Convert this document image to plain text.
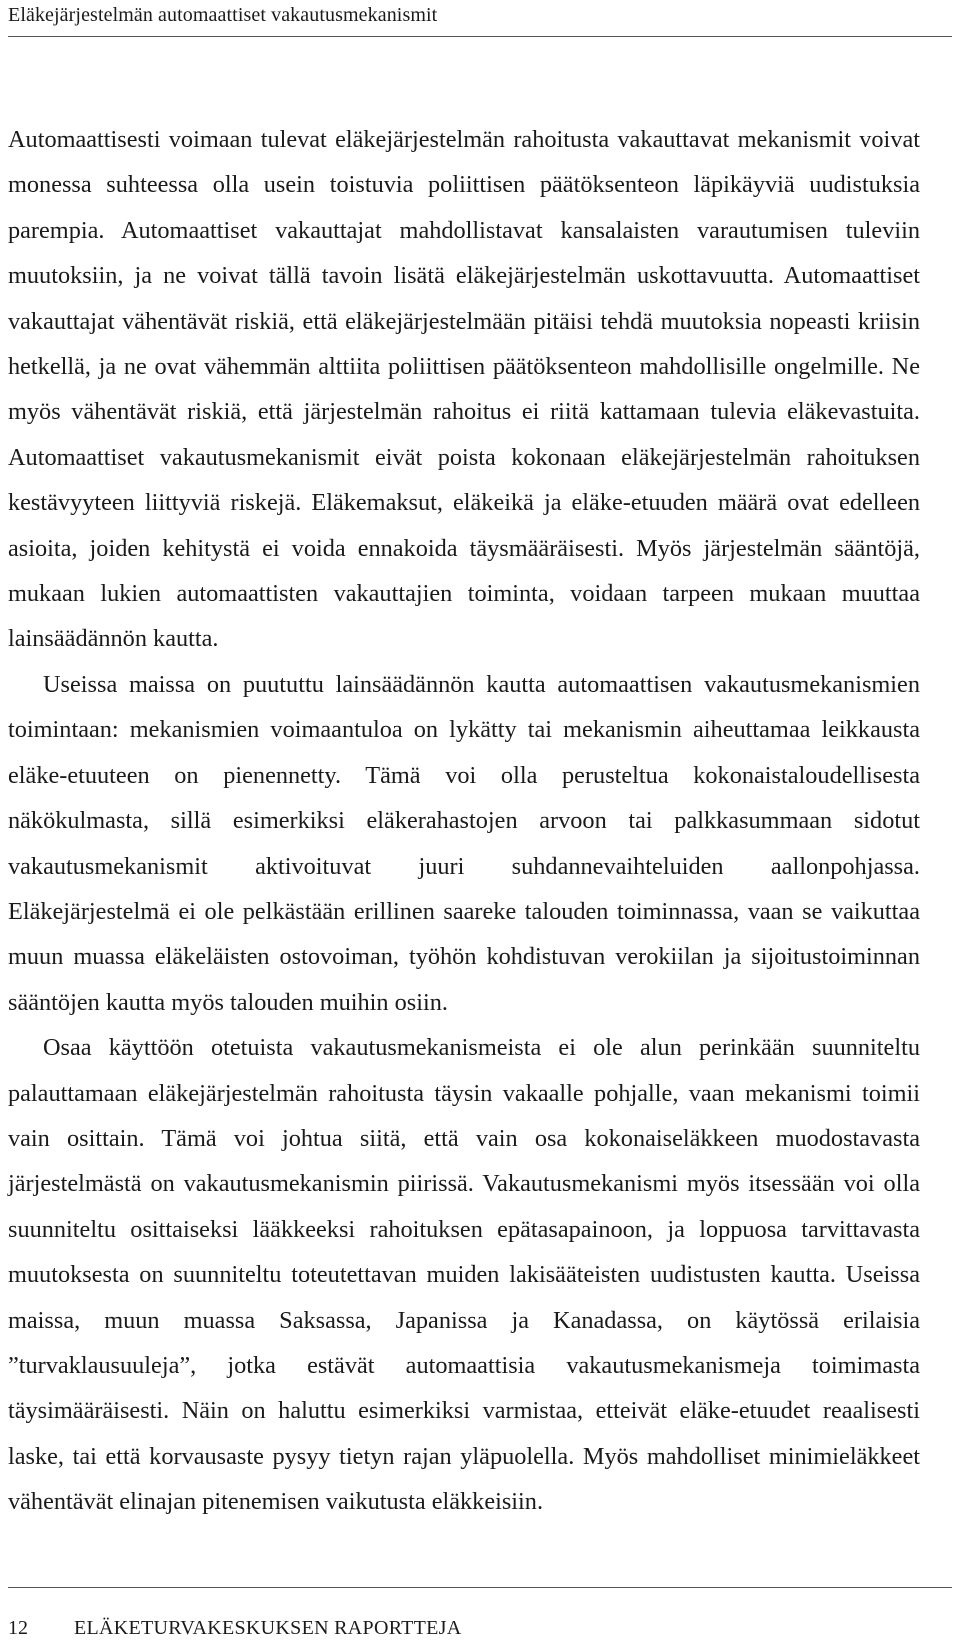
Eläkejärjestelmän automaattiset vakautusmekanismit

Automaattisesti voimaan tulevat eläkejärjestelmän rahoitusta vakauttavat mekanismit voivat monessa suhteessa olla usein toistuvia poliittisen päätöksenteon läpikäyviä uudistuksia parempia. Automaattiset vakauttajat mahdollistavat kansalaisten varautumisen tuleviin muutoksiin, ja ne voivat tällä tavoin lisätä eläkejärjestelmän uskottavuutta. Automaattiset vakauttajat vähentävät riskiä, että eläkejärjestelmään pitäisi tehdä muutoksia nopeasti kriisin hetkellä, ja ne ovat vähemmän alttiita poliittisen päätöksenteon mahdollisille ongelmille. Ne myös vähentävät riskiä, että järjestelmän rahoitus ei riitä kattamaan tulevia eläkevastuita. Automaattiset vakautusmekanismit eivät poista kokonaan eläkejärjestelmän rahoituksen kestävyyteen liittyviä riskejä. Eläkemaksut, eläkeikä ja eläke-etuuden määrä ovat edelleen asioita, joiden kehitystä ei voida ennakoida täysmääräisesti. Myös järjestelmän sääntöjä, mukaan lukien automaattisten vakauttajien toiminta, voidaan tarpeen mukaan muuttaa lainsäädännön kautta.

Useissa maissa on puututtu lainsäädännön kautta automaattisen vakautusmekanismien toimintaan: mekanismien voimaantuloa on lykätty tai mekanismin aiheuttamaa leikkausta eläke-etuuteen on pienennetty. Tämä voi olla perusteltua kokonaistaloudellisesta näkökulmasta, sillä esimerkiksi eläkerahastojen arvoon tai palkkasummaan sidotut vakautusmekanismit aktivoituvat juuri suhdannevaihteluiden aallonpohjassa. Eläkejärjestelmä ei ole pelkästään erillinen saareke talouden toiminnassa, vaan se vaikuttaa muun muassa eläkeläisten ostovoiman, työhön kohdistuvan verokiilan ja sijoitustoiminnan sääntöjen kautta myös talouden muihin osiin.

Osaa käyttöön otetuista vakautusmekanismeista ei ole alun perinkään suunniteltu palauttamaan eläkejärjestelmän rahoitusta täysin vakaalle pohjalle, vaan mekanismi toimii vain osittain. Tämä voi johtua siitä, että vain osa kokonaiseläkkeen muodostavasta järjestelmästä on vakautusmekanismin piirissä. Vakautusmekanismi myös itsessään voi olla suunniteltu osittaiseksi lääkkeeksi rahoituksen epätasapainoon, ja loppuosa tarvittavasta muutoksesta on suunniteltu toteutettavan muiden lakisääteisten uudistusten kautta. Useissa maissa, muun muassa Saksassa, Japanissa ja Kanadassa, on käytössä erilaisia ”turvaklausuuleja”, jotka estävät automaattisia vakautusmekanismeja toimimasta täysimääräisesti. Näin on haluttu esimerkiksi varmistaa, etteivät eläke-etuudet reaalisesti laske, tai että korvausaste pysyy tietyn rajan yläpuolella. Myös mahdolliset minimieläkkeet vähentävät elinajan pitenemisen vaikutusta eläkkeisiin.

12	ELÄKETURVAKESKUKSEN RAPORTTEJA
